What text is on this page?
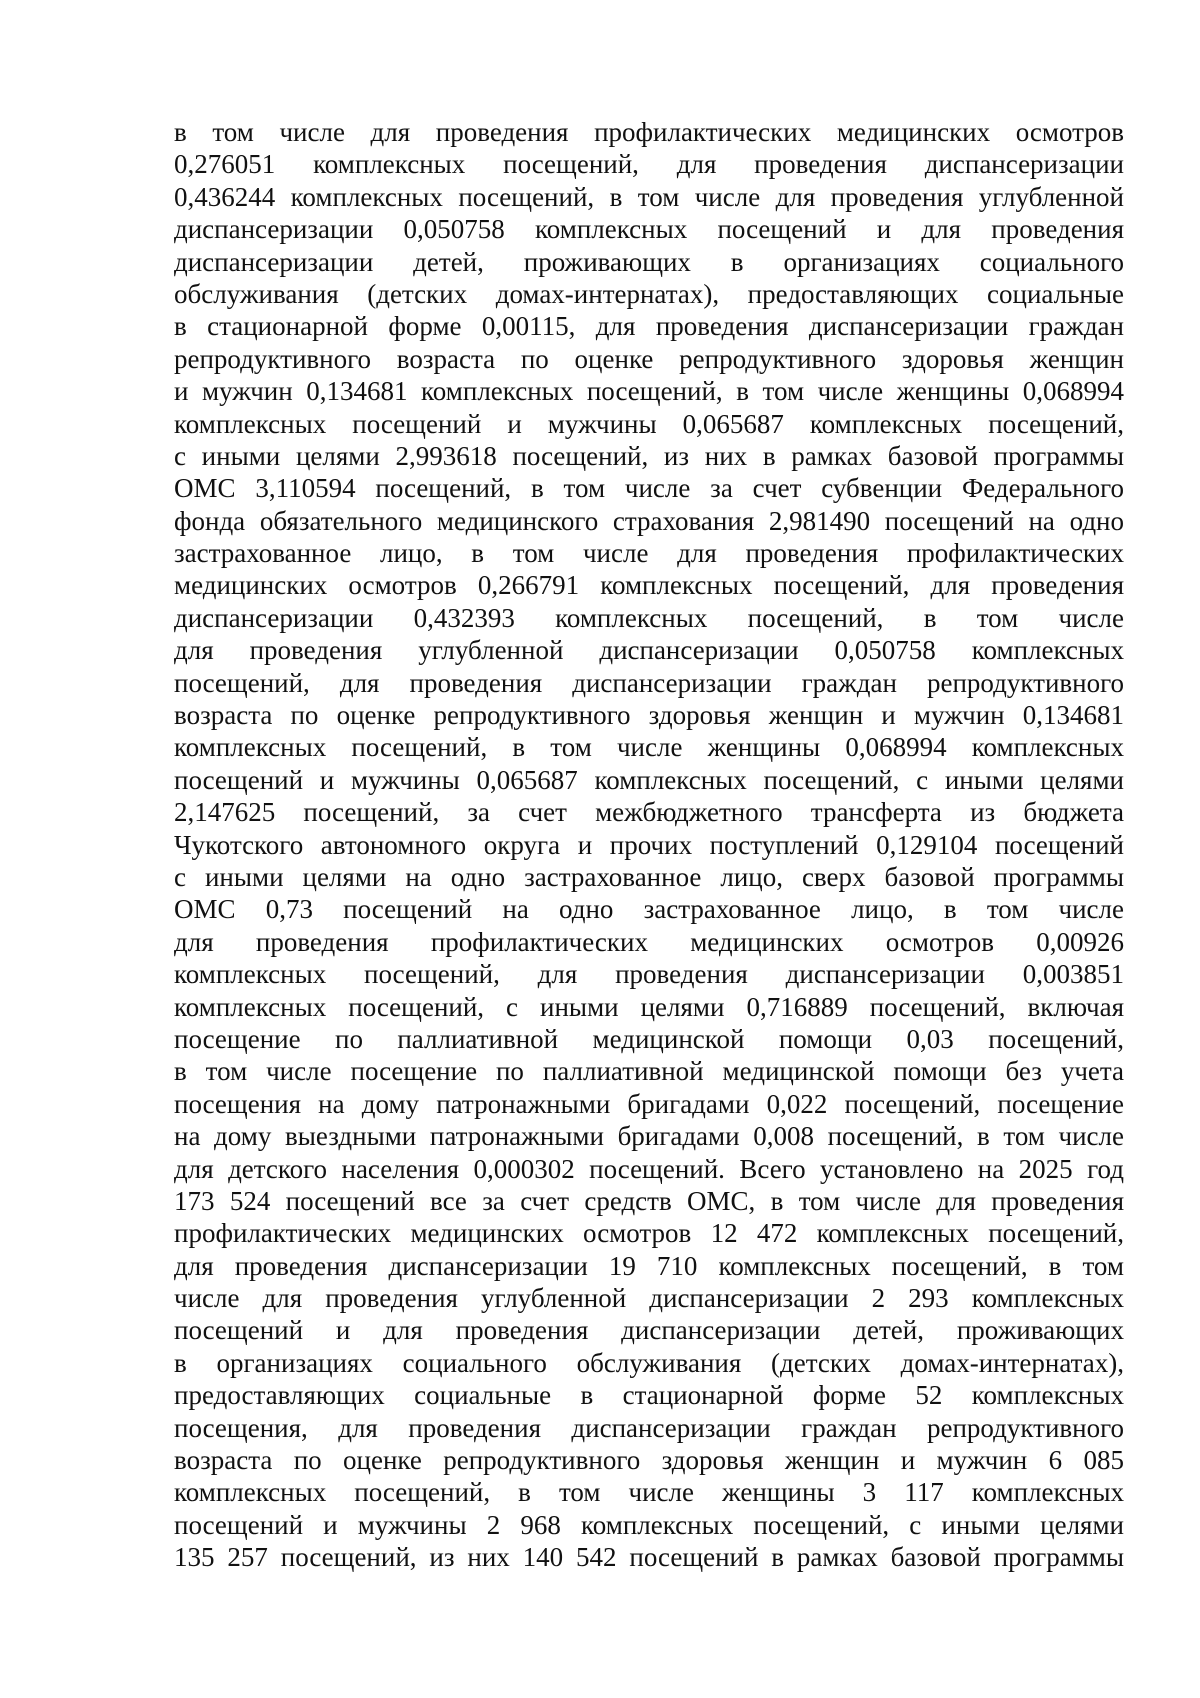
в том числе для проведения профилактических медицинских осмотров
0,276051 комплексных посещений, для проведения диспансеризации
0,436244 комплексных посещений, в том числе для проведения углубленной
диспансеризации 0,050758 комплексных посещений и для проведения
диспансеризации детей, проживающих в организациях социального
обслуживания (детских домах-интернатах), предоставляющих социальные
в стационарной форме 0,00115, для проведения диспансеризации граждан
репродуктивного возраста по оценке репродуктивного здоровья женщин
и мужчин 0,134681 комплексных посещений, в том числе женщины 0,068994
комплексных посещений и мужчины 0,065687 комплексных посещений,
с иными целями 2,993618 посещений, из них в рамках базовой программы
ОМС 3,110594 посещений, в том числе за счет субвенции Федерального
фонда обязательного медицинского страхования 2,981490 посещений на одно
застрахованное лицо, в том числе для проведения профилактических
медицинских осмотров 0,266791 комплексных посещений, для проведения
диспансеризации 0,432393 комплексных посещений, в том числе
для проведения углубленной диспансеризации 0,050758 комплексных
посещений, для проведения диспансеризации граждан репродуктивного
возраста по оценке репродуктивного здоровья женщин и мужчин 0,134681
комплексных посещений, в том числе женщины 0,068994 комплексных
посещений и мужчины 0,065687 комплексных посещений, с иными целями
2,147625 посещений, за счет межбюджетного трансферта из бюджета
Чукотского автономного округа и прочих поступлений 0,129104 посещений
с иными целями на одно застрахованное лицо, сверх базовой программы
ОМС 0,73 посещений на одно застрахованное лицо, в том числе
для проведения профилактических медицинских осмотров 0,00926
комплексных посещений, для проведения диспансеризации 0,003851
комплексных посещений, с иными целями 0,716889 посещений, включая
посещение по паллиативной медицинской помощи 0,03 посещений,
в том числе посещение по паллиативной медицинской помощи без учета
посещения на дому патронажными бригадами 0,022 посещений, посещение
на дому выездными патронажными бригадами 0,008 посещений, в том числе
для детского населения 0,000302 посещений. Всего установлено на 2025 год
173 524 посещений все за счет средств ОМС, в том числе для проведения
профилактических медицинских осмотров 12 472 комплексных посещений,
для проведения диспансеризации 19 710 комплексных посещений, в том
числе для проведения углубленной диспансеризации 2 293 комплексных
посещений и для проведения диспансеризации детей, проживающих
в организациях социального обслуживания (детских домах-интернатах),
предоставляющих социальные в стационарной форме 52 комплексных
посещения, для проведения диспансеризации граждан репродуктивного
возраста по оценке репродуктивного здоровья женщин и мужчин 6 085
комплексных посещений, в том числе женщины 3 117 комплексных
посещений и мужчины 2 968 комплексных посещений, с иными целями
135 257 посещений, из них 140 542 посещений в рамках базовой программы
